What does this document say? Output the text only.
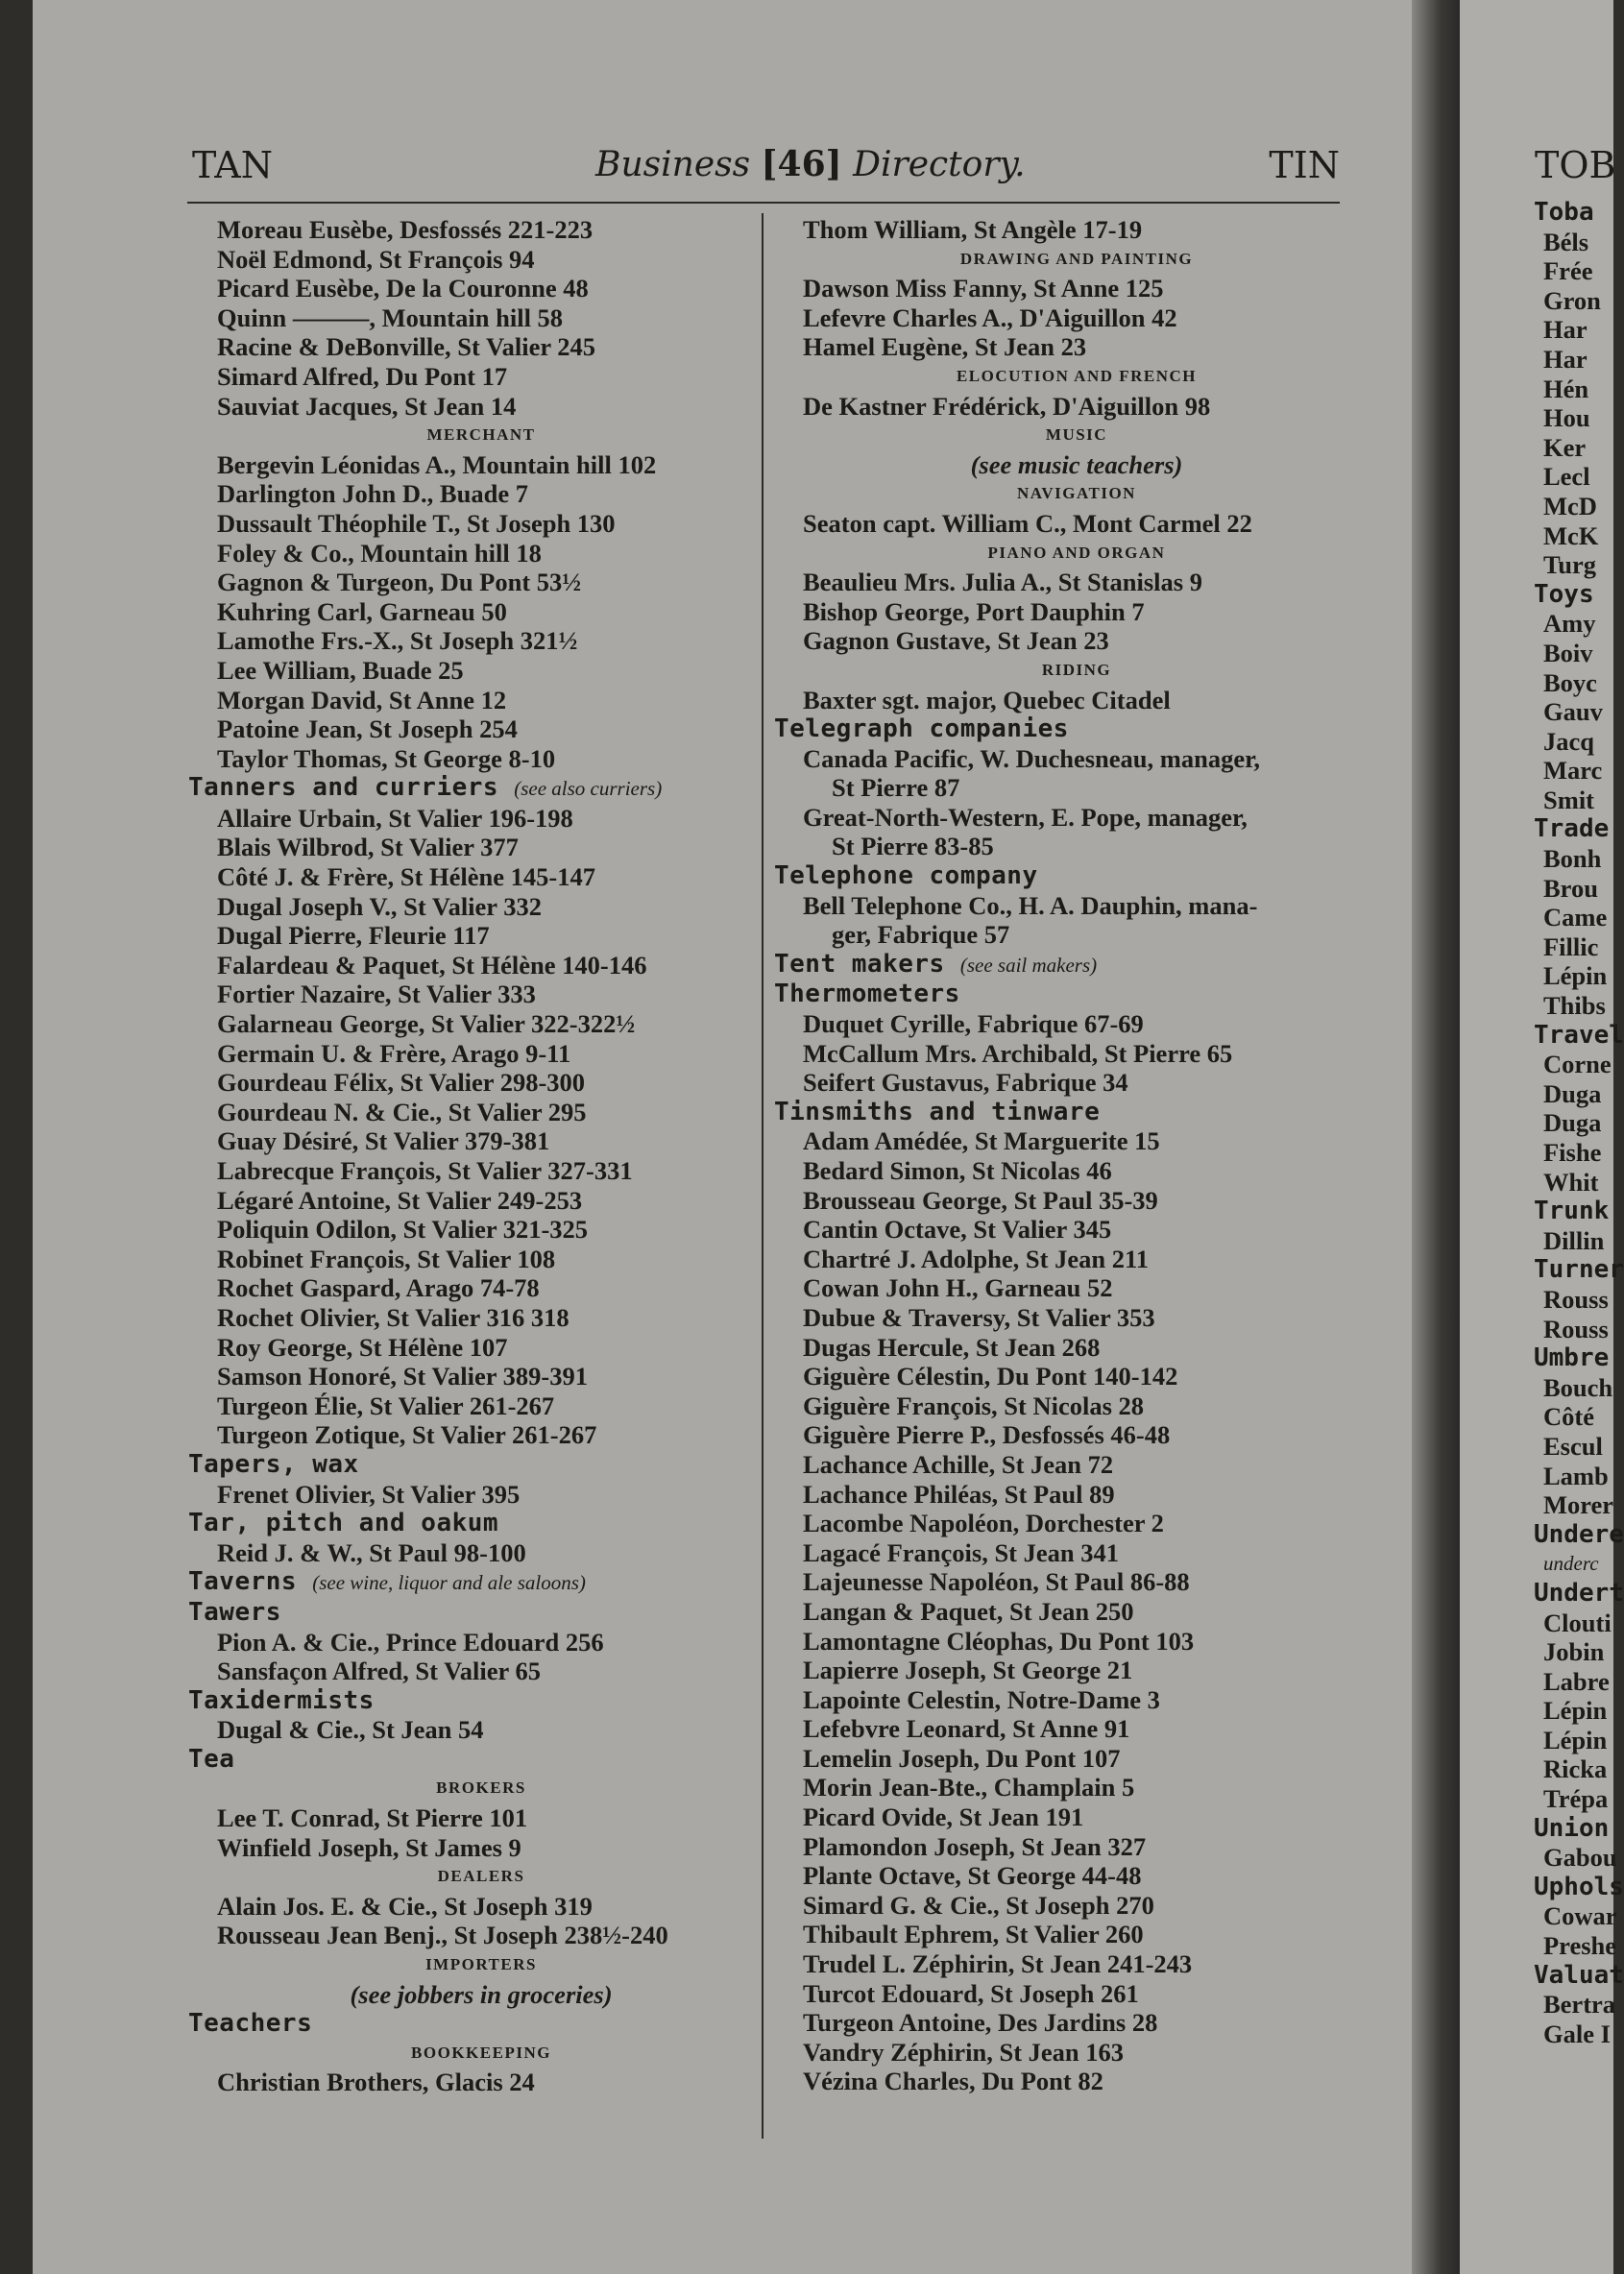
TAN	Business [46] Directory.	TIN
Moreau Eusèbe, Desfossés 221-223
Noël Edmond, St François 94
Picard Eusèbe, De la Couronne 48
Quinn ———, Mountain hill 58
Racine & DeBonville, St Valier 245
Simard Alfred, Du Pont 17
Sauviat Jacques, St Jean 14
MERCHANT
Bergevin Léonidas A., Mountain hill 102
Darlington John D., Buade 7
Dussault Théophile T., St Joseph 130
Foley & Co., Mountain hill 18
Gagnon & Turgeon, Du Pont 53½
Kuhring Carl, Garneau 50
Lamothe Frs.-X., St Joseph 321½
Lee William, Buade 25
Morgan David, St Anne 12
Patoine Jean, St Joseph 254
Taylor Thomas, St George 8-10
Tanners and curriers (see also curriers)
Allaire Urbain, St Valier 196-198
Blais Wilbrod, St Valier 377
Côté J. & Frère, St Hélène 145-147
Dugal Joseph V., St Valier 332
Dugal Pierre, Fleurie 117
Falardeau & Paquet, St Hélène 140-146
Fortier Nazaire, St Valier 333
Galarneau George, St Valier 322-322½
Germain U. & Frère, Arago 9-11
Gourdeau Félix, St Valier 298-300
Gourdeau N. & Cie., St Valier 295
Guay Désiré, St Valier 379-381
Labrecque François, St Valier 327-331
Légaré Antoine, St Valier 249-253
Poliquin Odilon, St Valier 321-325
Robinet François, St Valier 108
Rochet Gaspard, Arago 74-78
Rochet Olivier, St Valier 316 318
Roy George, St Hélène 107
Samson Honoré, St Valier 389-391
Turgeon Élie, St Valier 261-267
Turgeon Zotique, St Valier 261-267
Tapers, wax
Frenet Olivier, St Valier 395
Tar, pitch and oakum
Reid J. & W., St Paul 98-100
Taverns (see wine, liquor and ale saloons)
Tawers
Pion A. & Cie., Prince Edouard 256
Sansfaçon Alfred, St Valier 65
Taxidermists
Dugal & Cie., St Jean 54
Tea
BROKERS
Lee T. Conrad, St Pierre 101
Winfield Joseph, St James 9
DEALERS
Alain Jos. E. & Cie., St Joseph 319
Rousseau Jean Benj., St Joseph 238½-240
IMPORTERS
(see jobbers in groceries)
Teachers
BOOKKEEPING
Christian Brothers, Glacis 24
Thom William, St Angèle 17-19
DRAWING AND PAINTING
Dawson Miss Fanny, St Anne 125
Lefevre Charles A., D'Aiguillon 42
Hamel Eugène, St Jean 23
ELOCUTION AND FRENCH
De Kastner Frédérick, D'Aiguillon 98
MUSIC
(see music teachers)
NAVIGATION
Seaton capt. William C., Mont Carmel 22
PIANO AND ORGAN
Beaulieu Mrs. Julia A., St Stanislas 9
Bishop George, Port Dauphin 7
Gagnon Gustave, St Jean 23
RIDING
Baxter sgt. major, Quebec Citadel
Telegraph companies
Canada Pacific, W. Duchesneau, manager,
St Pierre 87
Great-North-Western, E. Pope, manager,
St Pierre 83-85
Telephone company
Bell Telephone Co., H. A. Dauphin, mana-
ger, Fabrique 57
Tent makers (see sail makers)
Thermometers
Duquet Cyrille, Fabrique 67-69
McCallum Mrs. Archibald, St Pierre 65
Seifert Gustavus, Fabrique 34
Tinsmiths and tinware
Adam Amédée, St Marguerite 15
Bedard Simon, St Nicolas 46
Brousseau George, St Paul 35-39
Cantin Octave, St Valier 345
Chartré J. Adolphe, St Jean 211
Cowan John H., Garneau 52
Dubue & Traversy, St Valier 353
Dugas Hercule, St Jean 268
Giguère Célestin, Du Pont 140-142
Giguère François, St Nicolas 28
Giguère Pierre P., Desfossés 46-48
Lachance Achille, St Jean 72
Lachance Philéas, St Paul 89
Lacombe Napoléon, Dorchester 2
Lagacé François, St Jean 341
Lajeunesse Napoléon, St Paul 86-88
Langan & Paquet, St Jean 250
Lamontagne Cléophas, Du Pont 103
Lapierre Joseph, St George 21
Lapointe Celestin, Notre-Dame 3
Lefebvre Leonard, St Anne 91
Lemelin Joseph, Du Pont 107
Morin Jean-Bte., Champlain 5
Picard Ovide, St Jean 191
Plamondon Joseph, St Jean 327
Plante Octave, St George 44-48
Simard G. & Cie., St Joseph 270
Thibault Ephrem, St Valier 260
Trudel L. Zéphirin, St Jean 241-243
Turcot Edouard, St Joseph 261
Turgeon Antoine, Des Jardins 28
Vandry Zéphirin, St Jean 163
Vézina Charles, Du Pont 82
TOB
Toba
Béls
Frée
Gron
Har
Har
Hén
Hou
Ker
Lecl
McD
McK
Turg
Toys
Amy
Boiv
Boyc
Gauv
Jacq
Marc
Smit
Trade
Bonh
Brou
Came
Fillic
Lépin
Thibs
Travel
Corne
Duga
Duga
Fishe
Whit
Trunk
Dillin
Turner
Rouss
Rouss
Umbre
Bouch
Côté
Escul
Lamb
Morer
Undere
underc
Undert
Clouti
Jobin
Labre
Lépin
Lépin
Ricka
Trépa
Union
Gabou
Uphols
Cowar
Preshe
Valuat
Bertra
Gale I
